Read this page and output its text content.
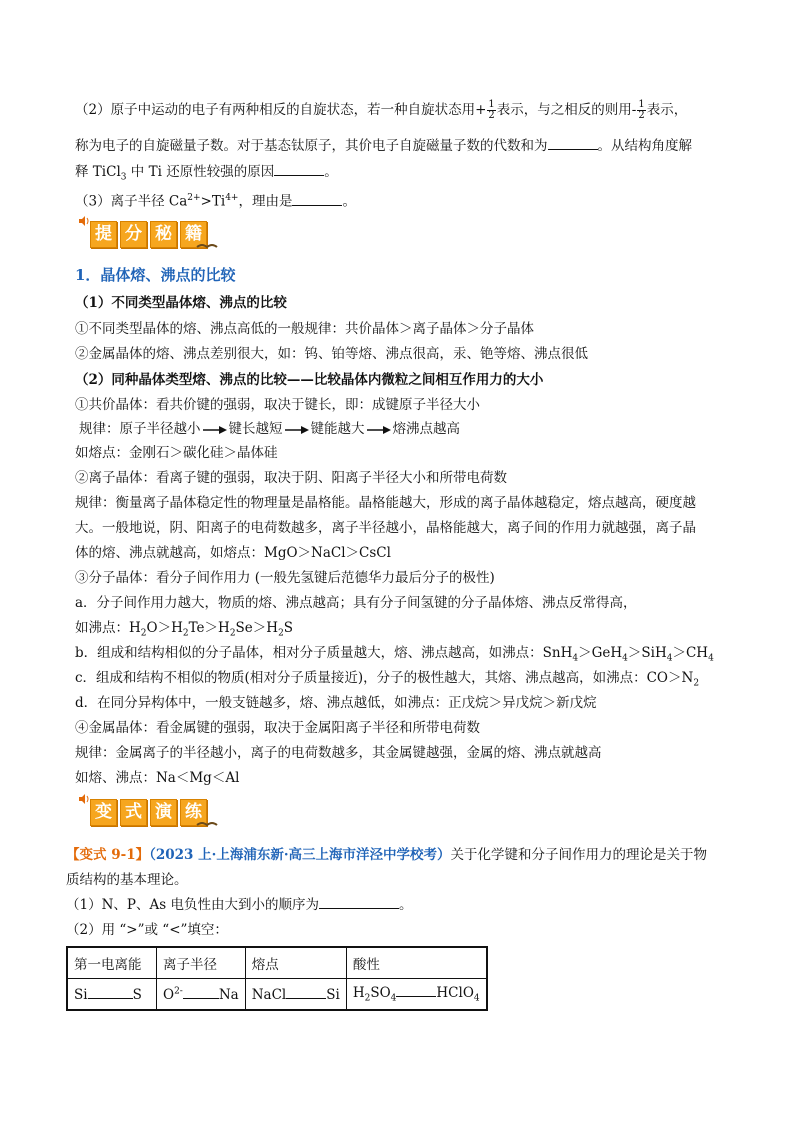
（2）原子中运动的电子有两种相反的自旋状态，若一种自旋状态用+ $\frac{1}{2}$ 表示，与之相反的则用- $\frac{1}{2}$ 表示，
称为电子的自旋磁量子数。对于基态钛原子，其价电子自旋磁量子数的代数和为	。从结构角度解
释 TiCl$_3$ 中 Ti 还原性较强的原因	。
（3）离子半径 $Ca^{2+}>Ti^{4+}$，理由是	。
提 分 秘 籍
1．晶体熔、沸点的比较
（1）不同类型晶体熔、沸点的比较
①不同类型晶体的熔、沸点高低的一般规律：共价晶体＞离子晶体＞分子晶体
②金属晶体的熔、沸点差别很大，如：钨、铂等熔、沸点很高，汞、铯等熔、沸点很低
（2）同种晶体类型熔、沸点的比较——比较晶体内微粒之间相互作用力的大小
①共价晶体：看共价键的强弱，取决于键长，即：成键原子半径大小
规律：原子半径越小 键长越短 键能越大 熔沸点越高
如熔点：金刚石＞碳化硅＞晶体硅
②离子晶体：看离子键的强弱，取决于阴、阳离子半径大小和所带电荷数
规律：衡量离子晶体稳定性的物理量是晶格能。晶格能越大，形成的离子晶体越稳定，熔点越高，硬度越
大。一般地说，阴、阳离子的电荷数越多，离子半径越小，晶格能越大，离子间的作用力就越强，离子晶
体的熔、沸点就越高，如熔点：MgO＞NaCl＞CsCl
③分子晶体：看分子间作用力 (一般先氢键后范德华力最后分子的极性)
a．分子间作用力越大，物质的熔、沸点越高；具有分子间氢键的分子晶体熔、沸点反常得高，
如沸点：$H_2O>H_2Te>H_2Se>H_2S$
b．组成和结构相似的分子晶体，相对分子质量越大，熔、沸点越高，如沸点：$SnH_4>GeH_4>SiH_4>CH_4$
c．组成和结构不相似的物质(相对分子质量接近)，分子的极性越大，其熔、沸点越高，如沸点：$CO>N_2$
d．在同分异构体中，一般支链越多，熔、沸点越低，如沸点：正戊烷＞异戊烷＞新戊烷
④金属晶体：看金属键的强弱，取决于金属阳离子半径和所带电荷数
规律：金属离子的半径越小，离子的电荷数越多，其金属键越强，金属的熔、沸点就越高
如熔、沸点：Na＜Mg＜Al
变 式 演 练
【变式 9-1】（2023 上·上海浦东新·高三上海市洋泾中学校考）关于化学键和分子间作用力的理论是关于物
质结构的基本理论。
（1）N、P、As 电负性由大到小的顺序为	。
（2）用 “>”或 “<”填空：
第一电离能	离子半径	熔点	酸性
Si S	$O^{2-}$ Na	NaCl Si	$H_2SO_4$ HClO$_4$
